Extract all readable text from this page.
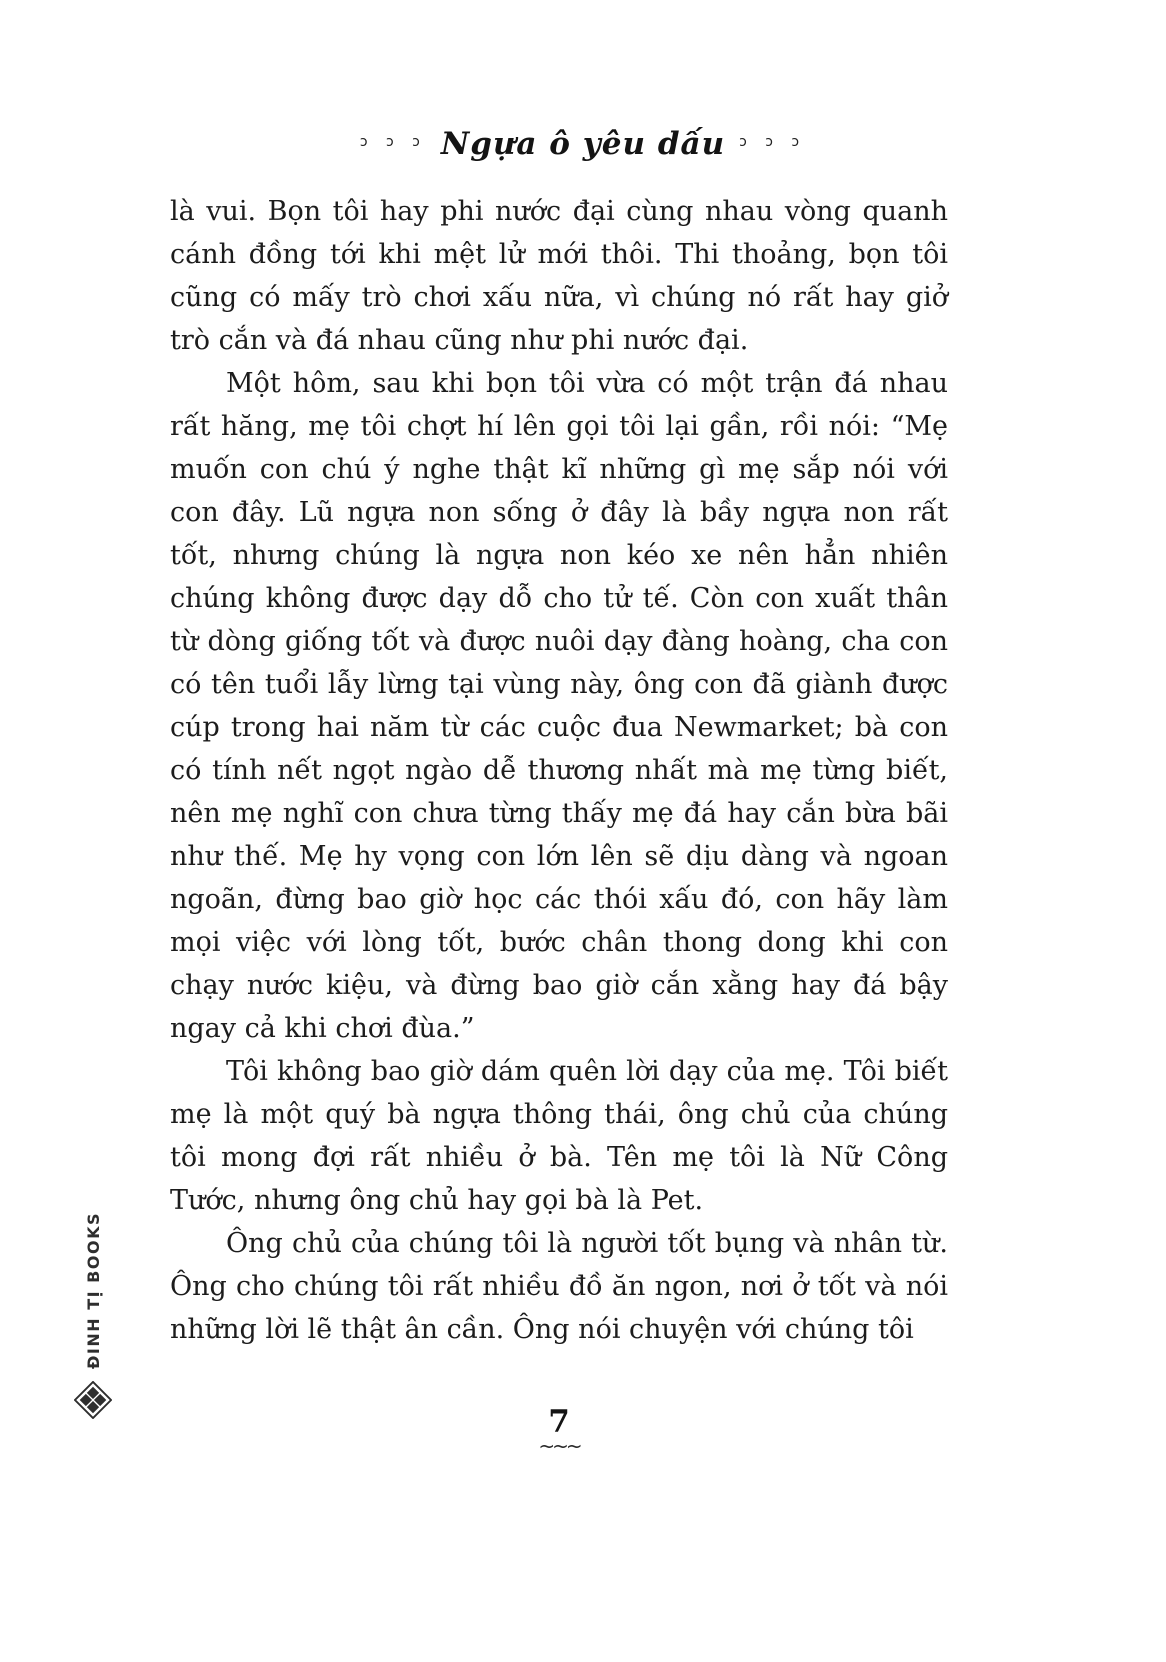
ɔ ɔ ɔ Ngựa ô yêu dấu ɔ ɔ ɔ

là vui. Bọn tôi hay phi nước đại cùng nhau vòng quanh cánh đồng tới khi mệt lử mới thôi. Thi thoảng, bọn tôi cũng có mấy trò chơi xấu nữa, vì chúng nó rất hay giở trò cắn và đá nhau cũng như phi nước đại.

Một hôm, sau khi bọn tôi vừa có một trận đá nhau rất hăng, mẹ tôi chợt hí lên gọi tôi lại gần, rồi nói: “Mẹ muốn con chú ý nghe thật kĩ những gì mẹ sắp nói với con đây. Lũ ngựa non sống ở đây là bầy ngựa non rất tốt, nhưng chúng là ngựa non kéo xe nên hẳn nhiên chúng không được dạy dỗ cho tử tế. Còn con xuất thân từ dòng giống tốt và được nuôi dạy đàng hoàng, cha con có tên tuổi lẫy lừng tại vùng này, ông con đã giành được cúp trong hai năm từ các cuộc đua Newmarket; bà con có tính nết ngọt ngào dễ thương nhất mà mẹ từng biết, nên mẹ nghĩ con chưa từng thấy mẹ đá hay cắn bừa bãi như thế. Mẹ hy vọng con lớn lên sẽ dịu dàng và ngoan ngoãn, đừng bao giờ học các thói xấu đó, con hãy làm mọi việc với lòng tốt, bước chân thong dong khi con chạy nước kiệu, và đừng bao giờ cắn xằng hay đá bậy ngay cả khi chơi đùa.”

Tôi không bao giờ dám quên lời dạy của mẹ. Tôi biết mẹ là một quý bà ngựa thông thái, ông chủ của chúng tôi mong đợi rất nhiều ở bà. Tên mẹ tôi là Nữ Công Tước, nhưng ông chủ hay gọi bà là Pet.

Ông chủ của chúng tôi là người tốt bụng và nhân từ. Ông cho chúng tôi rất nhiều đồ ăn ngon, nơi ở tốt và nói những lời lẽ thật ân cần. Ông nói chuyện với chúng tôi

ĐINH TỊ BOOKS
7
~~~
